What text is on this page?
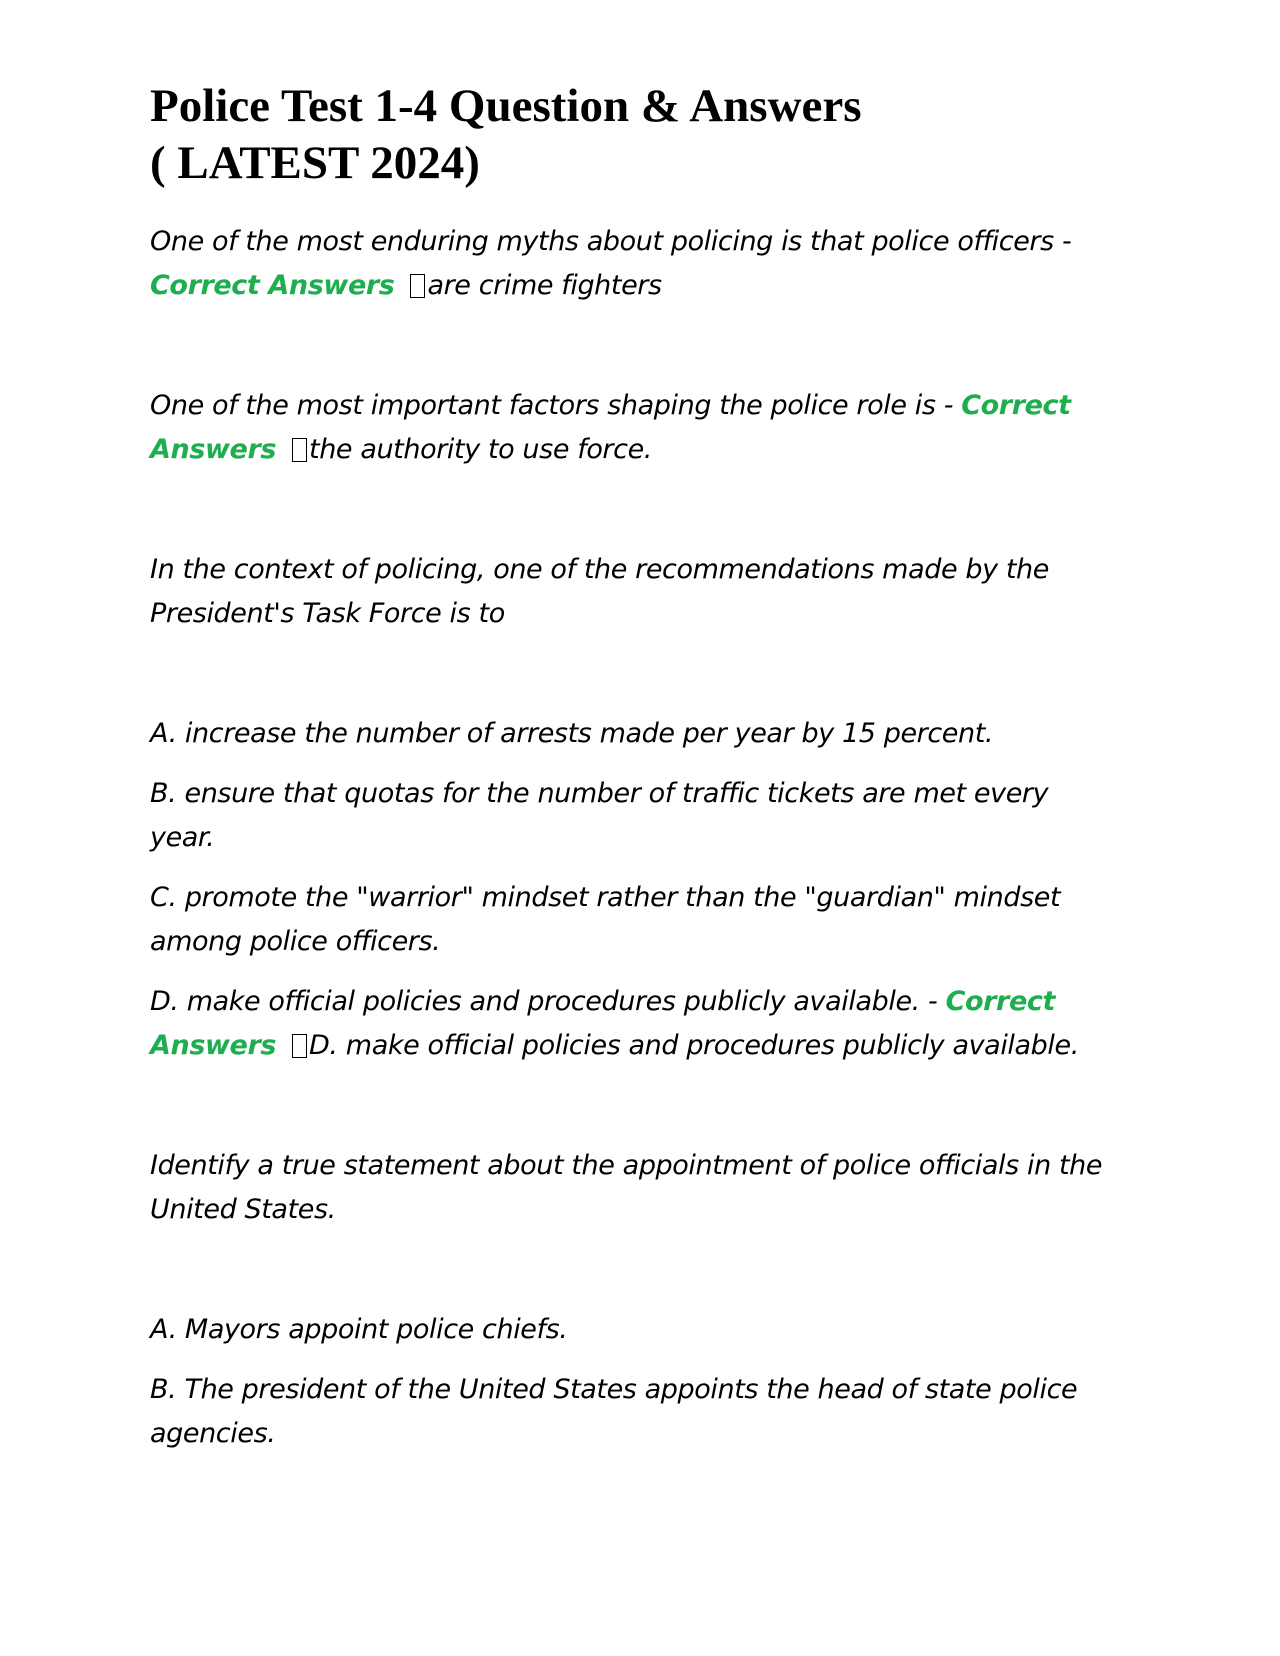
Police Test 1-4 Question & Answers
( LATEST 2024)

One of the most enduring myths about policing is that police officers - Correct Answers are crime fighters

One of the most important factors shaping the police role is - Correct Answers the authority to use force.

In the context of policing, one of the recommendations made by the President's Task Force is to

A. increase the number of arrests made per year by 15 percent.

B. ensure that quotas for the number of traffic tickets are met every year.

C. promote the "warrior" mindset rather than the "guardian" mindset among police officers.

D. make official policies and procedures publicly available. - Correct Answers D. make official policies and procedures publicly available.

Identify a true statement about the appointment of police officials in the United States.

A. Mayors appoint police chiefs.

B. The president of the United States appoints the head of state police agencies.
